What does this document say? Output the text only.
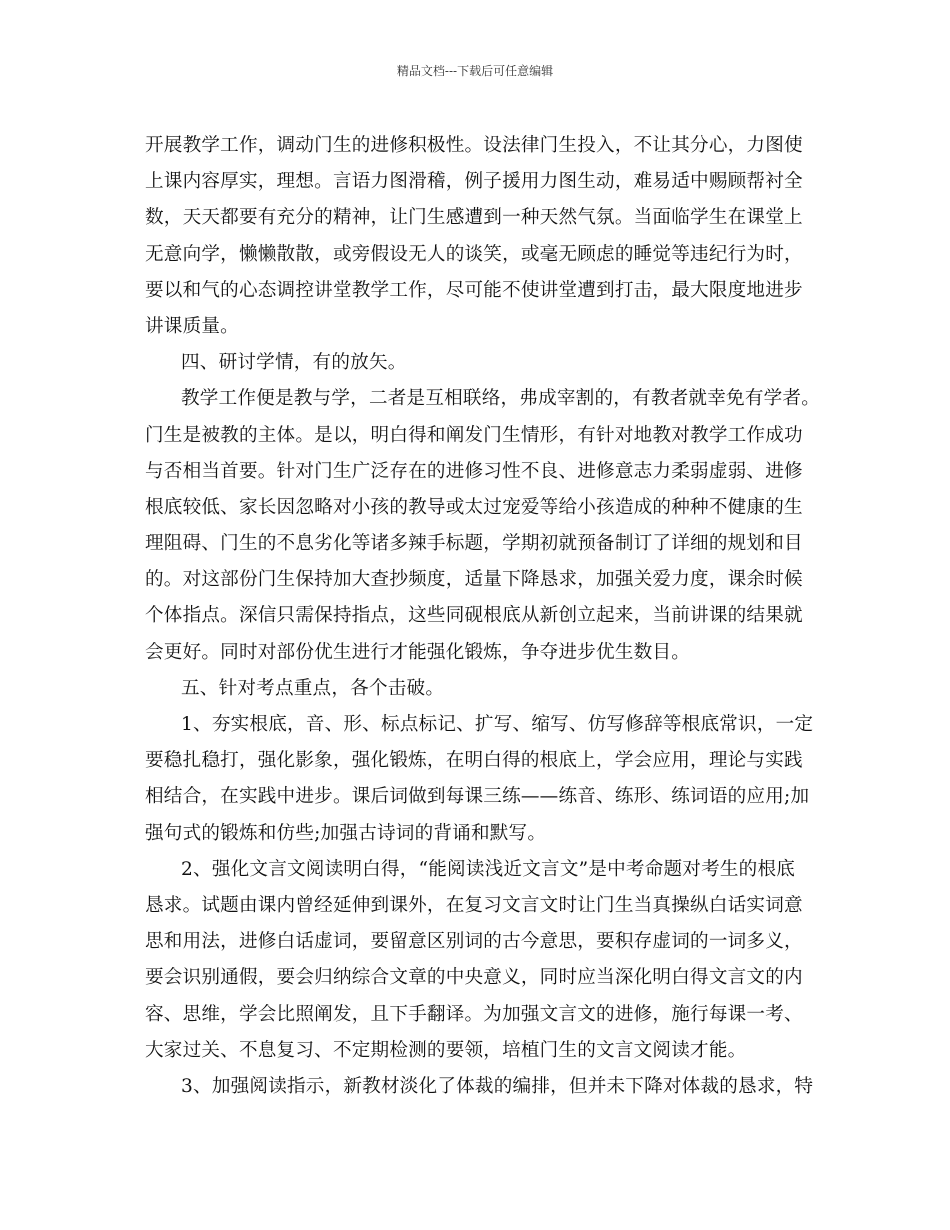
精品文档---下载后可任意编辑
开展教学工作，调动门生的进修积极性。设法律门生投入，不让其分心，力图使
上课内容厚实，理想。言语力图滑稽，例子援用力图生动，难易适中赐顾帮衬全
数，天天都要有充分的精神，让门生感遭到一种天然气氛。当面临学生在课堂上
无意向学，懒懒散散，或旁假设无人的谈笑，或毫无顾虑的睡觉等违纪行为时，
要以和气的心态调控讲堂教学工作，尽可能不使讲堂遭到打击，最大限度地进步
讲课质量。
四、研讨学情，有的放矢。
教学工作便是教与学，二者是互相联络，弗成宰割的，有教者就幸免有学者。
门生是被教的主体。是以，明白得和阐发门生情形，有针对地教对教学工作成功
与否相当首要。针对门生广泛存在的进修习性不良、进修意志力柔弱虚弱、进修
根底较低、家长因忽略对小孩的教导或太过宠爱等给小孩造成的种种不健康的生
理阻碍、门生的不息劣化等诸多辣手标题，学期初就预备制订了详细的规划和目
的。对这部份门生保持加大查抄频度，适量下降恳求，加强关爱力度，课余时候
个体指点。深信只需保持指点，这些同砚根底从新创立起来，当前讲课的结果就
会更好。同时对部份优生进行才能强化锻炼，争夺进步优生数目。
五、针对考点重点，各个击破。
1、夯实根底，音、形、标点标记、扩写、缩写、仿写修辞等根底常识，一定
要稳扎稳打，强化影象，强化锻炼，在明白得的根底上，学会应用，理论与实践
相结合，在实践中进步。课后词做到每课三练——练音、练形、练词语的应用;加
强句式的锻炼和仿些;加强古诗词的背诵和默写。
2、强化文言文阅读明白得，“能阅读浅近文言文”是中考命题对考生的根底
恳求。试题由课内曾经延伸到课外，在复习文言文时让门生当真操纵白话实词意
思和用法，进修白话虚词，要留意区别词的古今意思，要积存虚词的一词多义，
要会识别通假，要会归纳综合文章的中央意义，同时应当深化明白得文言文的内
容、思维，学会比照阐发，且下手翻译。为加强文言文的进修，施行每课一考、
大家过关、不息复习、不定期检测的要领，培植门生的文言文阅读才能。
3、加强阅读指示，新教材淡化了体裁的编排，但并未下降对体裁的恳求，特
